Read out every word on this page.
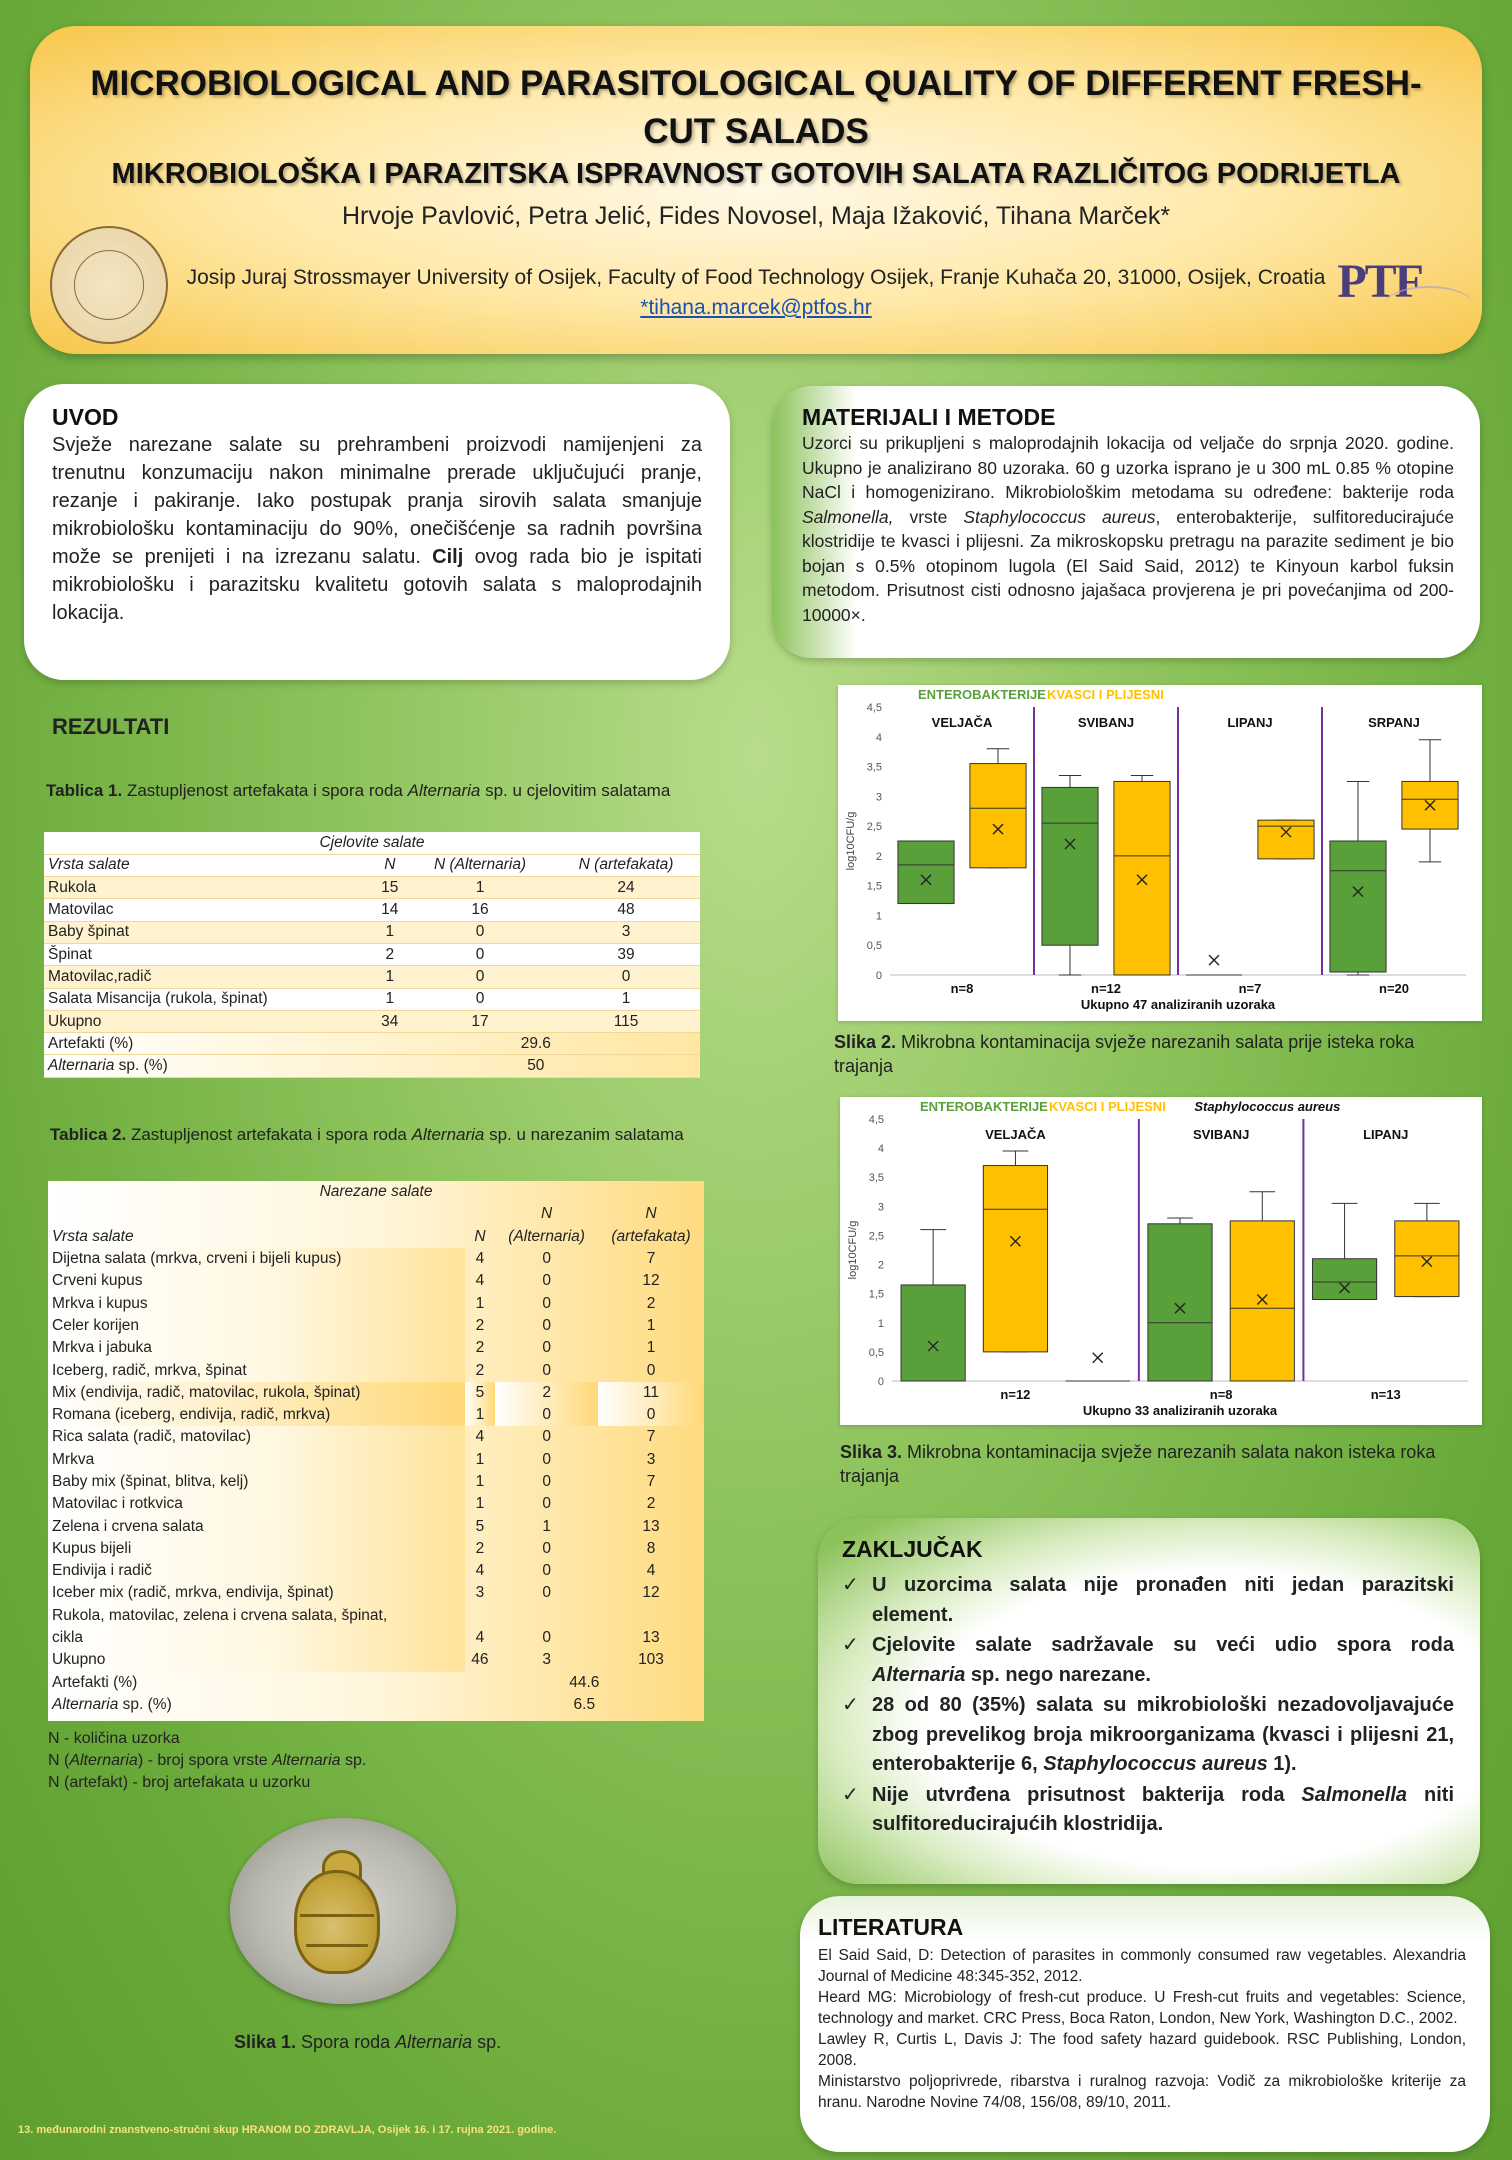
MICROBIOLOGICAL AND PARASITOLOGICAL QUALITY OF DIFFERENT FRESH-CUT SALADS
MIKROBIOLOŠKA I PARAZITSKA ISPRAVNOST GOTOVIH SALATA RAZLIČITOG PODRIJETLA
Hrvoje Pavlović, Petra Jelić, Fides Novosel, Maja Ižaković, Tihana Marček*
Josip Juraj Strossmayer University of Osijek, Faculty of Food Technology Osijek, Franje Kuhača 20, 31000, Osijek, Croatia
*tihana.marcek@ptfos.hr	PTF
UVOD
Svježe narezane salate su prehrambeni proizvodi namijenjeni za trenutnu konzumaciju nakon minimalne prerade uključujući pranje, rezanje i pakiranje. Iako postupak pranja sirovih salata smanjuje mikrobiološku kontaminaciju do 90%, onečišćenje sa radnih površina može se prenijeti i na izrezanu salatu. Cilj ovog rada bio je ispitati mikrobiološku i parazitsku kvalitetu gotovih salata s maloprodajnih lokacija.
MATERIJALI I METODE
Uzorci su prikupljeni s maloprodajnih lokacija od veljače do srpnja 2020. godine. Ukupno je analizirano 80 uzoraka. 60 g uzorka isprano je u 300 mL 0.85 % otopine NaCl i homogenizirano. Mikrobiološkim metodama su određene: bakterije roda Salmonella, vrste Staphylococcus aureus, enterobakterije, sulfitoreducirajuće klostridije te kvasci i plijesni. Za mikroskopsku pretragu na parazite sediment je bio bojan s 0.5% otopinom lugola (El Said Said, 2012) te Kinyoun karbol fuksin metodom. Prisutnost cisti odnosno jajašaca provjerena je pri povećanjima od 200-10000×.
REZULTATI
Tablica 1. Zastupljenost artefakata i spora roda Alternaria sp. u cjelovitim salatama
Cjelovite salate			
Vrsta salate	N	N (Alternaria)	N (artefakata)
Rukola	15	1	24
Matovilac	14	16	48
Baby špinat	1	0	3
Špinat	2	0	39
Matovilac,radič	1	0	0
Salata Misancija (rukola, špinat)	1	0	1
Ukupno	34	17	115
Artefakti (%)	29.6		
Alternaria sp. (%)	50		
Tablica 2. Zastupljenost artefakata i spora roda Alternaria sp. u narezanim salatama
Narezane salate			
		N	N
Vrsta salate	N	(Alternaria)	(artefakata)
Dijetna salata (mrkva, crveni i bijeli kupus)	4	0	7
Crveni kupus	4	0	12
Mrkva i kupus	1	0	2
Celer korijen	2	0	1
Mrkva i jabuka	2	0	1
Iceberg, radič, mrkva, špinat	2	0	0
Mix (endivija, radič, matovilac, rukola, špinat)	5	2	11
Romana (iceberg, endivija, radič, mrkva)	1	0	0
Rica salata (radič, matovilac)	4	0	7
Mrkva	1	0	3
Baby mix (špinat, blitva, kelj)	1	0	7
Matovilac i rotkvica	1	0	2
Zelena i crvena salata	5	1	13
Kupus bijeli	2	0	8
Endivija i radič	4	0	4
Iceber mix (radič, mrkva, endivija, špinat)	3	0	12
Rukola, matovilac, zelena i crvena salata, špinat,			
cikla	4	0	13
Ukupno	46	3	103
Artefakti (%)	44.6		
Alternaria sp. (%)	6.5		
N - količina uzorka
N (Alternaria) - broj spora vrste Alternaria sp.
N (artefakt) - broj artefakata u uzorku
Slika 1. Spora roda Alternaria sp.
0
0,5
1
1,5
2
2,5
3
3,5
4
4,5
log10CFU/g
ENTEROBAKTERIJE KVASCI I PLIJESNI
VELJAČA	SVIBANJ	LIPANJ	SRPANJ
n=8	n=12	n=7	n=20
Ukupno 47 analiziranih uzoraka
Slika 2. Mikrobna kontaminacija svježe narezanih salata prije isteka roka trajanja
0
0,5
1
1,5
2
2,5
3
3,5
4
4,5
log10CFU/g
ENTEROBAKTERIJE KVASCI I PLIJESNI Staphylococcus aureus
VELJAČA	SVIBANJ	LIPANJ
n=12	n=8	n=13
Ukupno 33 analiziranih uzoraka
Slika 3. Mikrobna kontaminacija svježe narezanih salata nakon isteka roka trajanja
ZAKLJUČAK
✓ U uzorcima salata nije pronađen niti jedan parazitski element.
✓ Cjelovite salate sadržavale su veći udio spora roda Alternaria sp. nego narezane.
✓ 28 od 80 (35%) salata su mikrobiološki nezadovoljavajuće zbog prevelikog broja mikroorganizama (kvasci i plijesni 21, enterobakterije 6, Staphylococcus aureus 1).
✓ Nije utvrđena prisutnost bakterija roda Salmonella niti sulfitoreducirajućih klostridija.
LITERATURA

El Said Said, D: Detection of parasites in commonly consumed raw vegetables. Alexandria Journal of Medicine 48:345-352, 2012.

Heard MG: Microbiology of fresh-cut produce. U Fresh-cut fruits and vegetables: Science, technology and market. CRC Press, Boca Raton, London, New York, Washington D.C., 2002.

Lawley R, Curtis L, Davis J: The food safety hazard guidebook. RSC Publishing, London, 2008.

Ministarstvo poljoprivrede, ribarstva i ruralnog razvoja: Vodič za mikrobiološke kriterije za hranu. Narodne Novine 74/08, 156/08, 89/10, 2011.

13. međunarodni znanstveno-stručni skup HRANOM DO ZDRAVLJA, Osijek 16. i 17. rujna 2021. godine.
